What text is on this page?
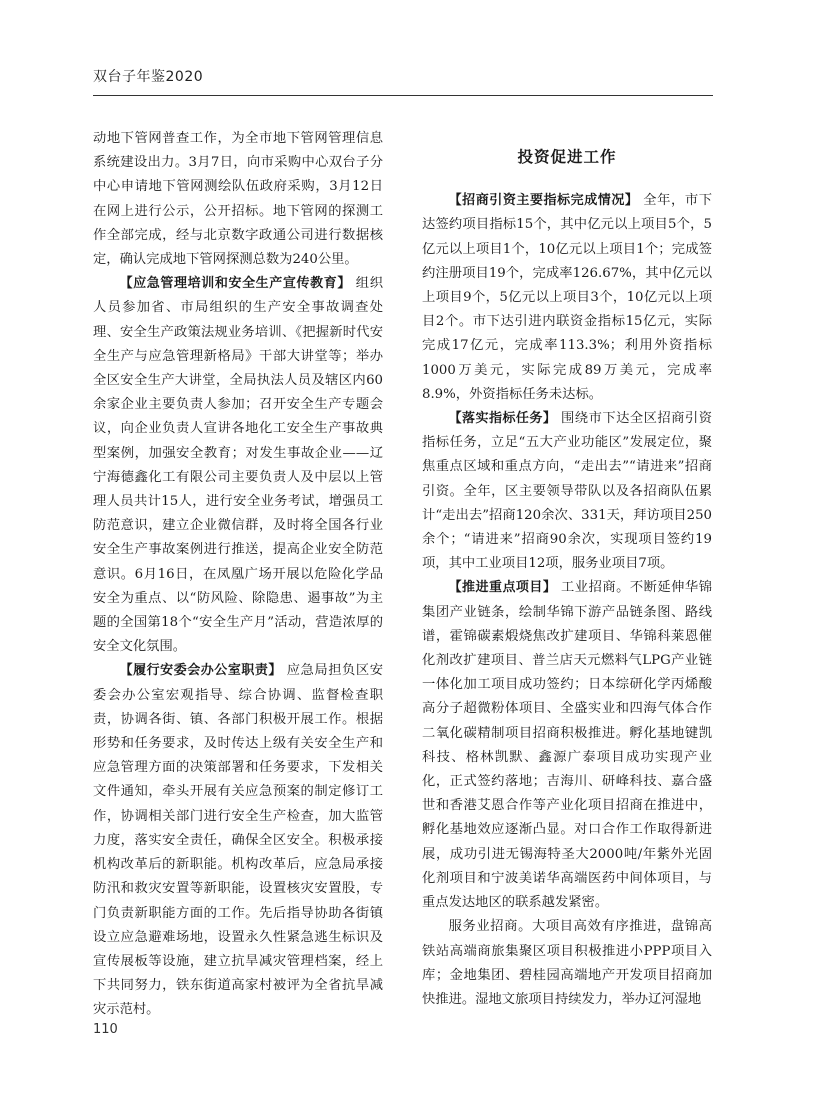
双台子年鉴2020

动地下管网普查工作，为全市地下管网管理信息系统建设出力。3月7日，向市采购中心双台子分中心申请地下管网测绘队伍政府采购，3月12日在网上进行公示，公开招标。地下管网的探测工作全部完成，经与北京数字政通公司进行数据核定，确认完成地下管网探测总数为240公里。

【应急管理培训和安全生产宣传教育】 组织人员参加省、市局组织的生产安全事故调查处理、安全生产政策法规业务培训、《把握新时代安全生产与应急管理新格局》干部大讲堂等；举办全区安全生产大讲堂，全局执法人员及辖区内60余家企业主要负责人参加；召开安全生产专题会议，向企业负责人宣讲各地化工安全生产事故典型案例，加强安全教育；对发生事故企业——辽宁海德鑫化工有限公司主要负责人及中层以上管理人员共计15人，进行安全业务考试，增强员工防范意识，建立企业微信群，及时将全国各行业安全生产事故案例进行推送，提高企业安全防范意识。6月16日，在凤凰广场开展以危险化学品安全为重点、以“防风险、除隐患、遏事故”为主题的全国第18个“安全生产月”活动，营造浓厚的安全文化氛围。

【履行安委会办公室职责】 应急局担负区安委会办公室宏观指导、综合协调、监督检查职责，协调各街、镇、各部门积极开展工作。根据形势和任务要求，及时传达上级有关安全生产和应急管理方面的决策部署和任务要求，下发相关文件通知，牵头开展有关应急预案的制定修订工作，协调相关部门进行安全生产检查，加大监管力度，落实安全责任，确保全区安全。积极承接机构改革后的新职能。机构改革后，应急局承接防汛和救灾安置等新职能，设置核灾安置股，专门负责新职能方面的工作。先后指导协助各街镇设立应急避难场地，设置永久性紧急逃生标识及宣传展板等设施，建立抗旱减灾管理档案，经上下共同努力，铁东街道高家村被评为全省抗旱减灾示范村。

投资促进工作

【招商引资主要指标完成情况】 全年，市下达签约项目指标15个，其中亿元以上项目5个，5亿元以上项目1个，10亿元以上项目1个；完成签约注册项目19个，完成率126.67%，其中亿元以上项目9个，5亿元以上项目3个，10亿元以上项目2个。市下达引进内联资金指标15亿元，实际完成17亿元，完成率113.3%；利用外资指标1000万美元，实际完成89万美元，完成率8.9%，外资指标任务未达标。

【落实指标任务】 围绕市下达全区招商引资指标任务，立足“五大产业功能区”发展定位，聚焦重点区域和重点方向，“走出去”“请进来”招商引资。全年，区主要领导带队以及各招商队伍累计“走出去”招商120余次、331天，拜访项目250余个；“请进来”招商90余次，实现项目签约19项，其中工业项目12项，服务业项目7项。

【推进重点项目】 工业招商。不断延伸华锦集团产业链条，绘制华锦下游产品链条图、路线谱，霍锦碳素煅烧焦改扩建项目、华锦科莱恩催化剂改扩建项目、普兰店天元燃料气LPG产业链一体化加工项目成功签约；日本综研化学丙烯酸高分子超微粉体项目、全盛实业和四海气体合作二氧化碳精制项目招商积极推进。孵化基地键凯科技、格林凯默、鑫源广泰项目成功实现产业化，正式签约落地；吉海川、研峰科技、嘉合盛世和香港艾恩合作等产业化项目招商在推进中，孵化基地效应逐渐凸显。对口合作工作取得新进展，成功引进无锡海特圣大2000吨/年紫外光固化剂项目和宁波美诺华高端医药中间体项目，与重点发达地区的联系越发紧密。

服务业招商。大项目高效有序推进，盘锦高铁站高端商旅集聚区项目积极推进小PPP项目入库；金地集团、碧桂园高端地产开发项目招商加快推进。湿地文旅项目持续发力，举办辽河湿地

110
